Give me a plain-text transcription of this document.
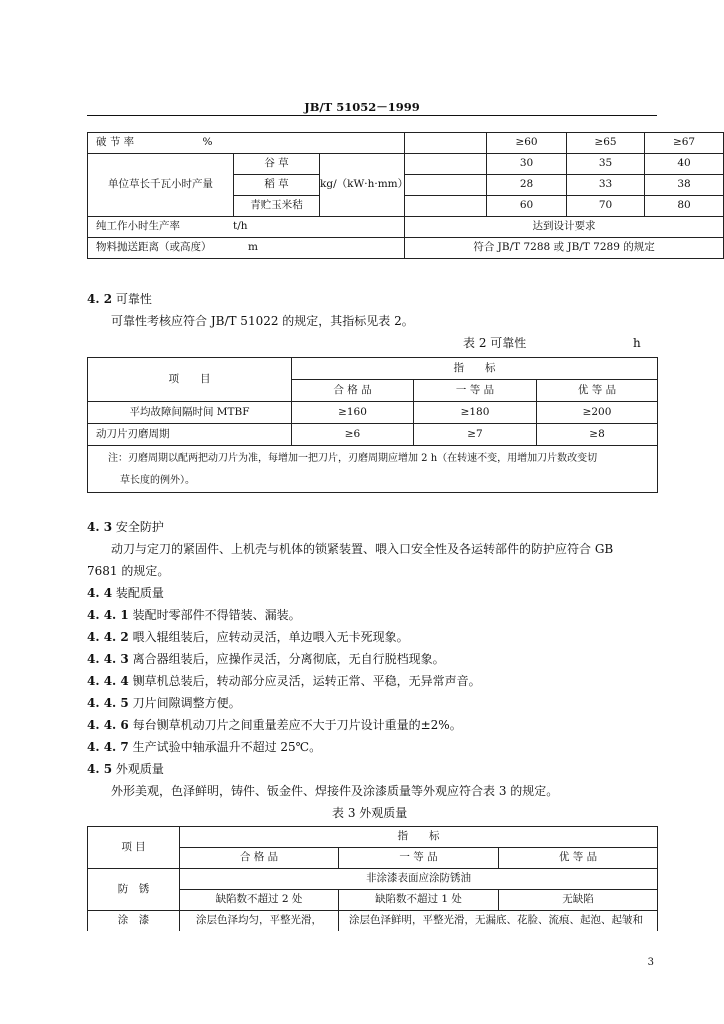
JB/T 51052－1999
破 节 率 %				≥60	≥65	≥67
单位草长千瓦小时产量	谷 草	kg/（kW·h·mm）		30	35	40
	稻 草			28	33	38
	青贮玉米秸			60	70	80
纯工作小时生产率 t/h			达到设计要求			
物料抛送距离（或高度） m			符合 JB/T 7288 或 JB/T 7289 的规定			
4. 2 可靠性
可靠性考核应符合 JB/T 51022 的规定，其指标见表 2。
表 2 可靠性	h
项　　目	指　　标		
	合 格 品	一 等 品	优 等 品
平均故障间隔时间 MTBF	≥160	≥180	≥200
动刀片刃磨周期	≥6	≥7	≥8

注：刃磨周期以配两把动刀片为准，每增加一把刀片，刃磨周期应增加 2 h（在转速不变，用增加刀片数改变切
草长度的例外）。			
4. 3 安全防护
动刀与定刀的紧固件、上机壳与机体的锁紧装置、喂入口安全性及各运转部件的防护应符合 GB
7681 的规定。
4. 4 装配质量
4. 4. 1 装配时零部件不得错装、漏装。
4. 4. 2 喂入辊组装后，应转动灵活，单边喂入无卡死现象。
4. 4. 3 离合器组装后，应操作灵活，分离彻底，无自行脱档现象。
4. 4. 4 铡草机总装后，转动部分应灵活，运转正常、平稳，无异常声音。
4. 4. 5 刀片间隙调整方便。
4. 4. 6 每台铡草机动刀片之间重量差应不大于刀片设计重量的±2%。
4. 4. 7 生产试验中轴承温升不超过 25℃。
4. 5 外观质量
外形美观，色泽鲜明，铸件、钣金件、焊接件及涂漆质量等外观应符合表 3 的规定。
表 3 外观质量
项 目	指　　标		
	合 格 品	一 等 品	优 等 品
防　锈	非涂漆表面应涂防锈油		
	缺陷数不超过 2 处	缺陷数不超过 1 处	无缺陷
涂　漆	涂层色泽均匀，平整光滑，	涂层色泽鲜明，平整光滑，无漏底、花脸、流痕、起泡、起皱和	
3
